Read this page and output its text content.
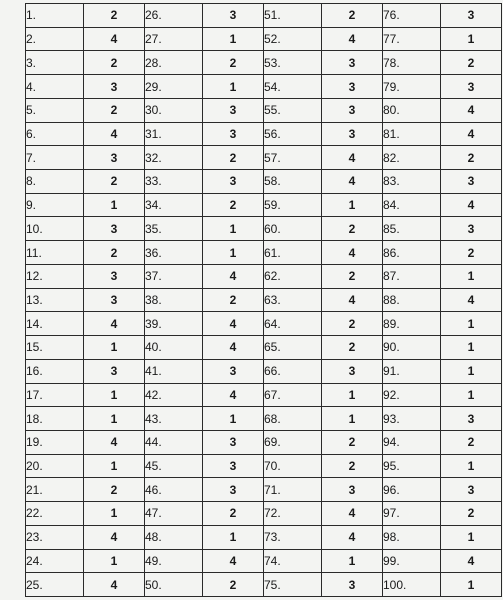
1.	2	26.	3	51.	2	76.	3
2.	4	27.	1	52.	4	77.	1
3.	2	28.	2	53.	3	78.	2
4.	3	29.	1	54.	3	79.	3
5.	2	30.	3	55.	3	80.	4
6.	4	31.	3	56.	3	81.	4
7.	3	32.	2	57.	4	82.	2
8.	2	33.	3	58.	4	83.	3
9.	1	34.	2	59.	1	84.	4
10.	3	35.	1	60.	2	85.	3
11.	2	36.	1	61.	4	86.	2
12.	3	37.	4	62.	2	87.	1
13.	3	38.	2	63.	4	88.	4
14.	4	39.	4	64.	2	89.	1
15.	1	40.	4	65.	2	90.	1
16.	3	41.	3	66.	3	91.	1
17.	1	42.	4	67.	1	92.	1
18.	1	43.	1	68.	1	93.	3
19.	4	44.	3	69.	2	94.	2
20.	1	45.	3	70.	2	95.	1
21.	2	46.	3	71.	3	96.	3
22.	1	47.	2	72.	4	97.	2
23.	4	48.	1	73.	4	98.	1
24.	1	49.	4	74.	1	99.	4
25.	4	50.	2	75.	3	100.	1
